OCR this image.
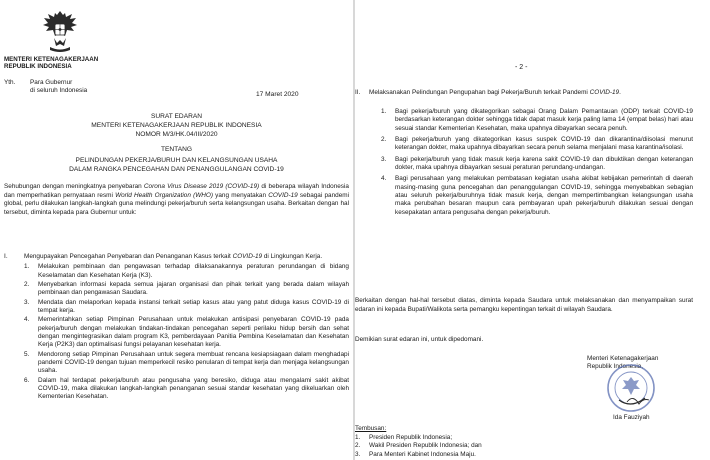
MENTERI KETENAGAKERJAAN
REPUBLIK INDONESIA
Yth. Para Gubernur
di seluruh Indonesia
17 Maret 2020
SURAT EDARAN
MENTERI KETENAGAKERJAAN REPUBLIK INDONESIA
NOMOR M/3/HK.04/III/2020
TENTANG
PELINDUNGAN PEKERJA/BURUH DAN KELANGSUNGAN USAHA
DALAM RANGKA PENCEGAHAN DAN PENANGGULANGAN COVID-19
Sehubungan dengan meningkatnya penyebaran Corona Virus Disease 2019 (COVID-19) di beberapa wilayah Indonesia dan memperhatikan pernyataan resmi World Health Organization (WHO) yang menyatakan COVID-19 sebagai pandemi global, perlu dilakukan langkah-langkah guna melindungi pekerja/buruh serta kelangsungan usaha. Berkaitan dengan hal tersebut, diminta kepada para Gubernur untuk:
I.	Mengupayakan Pencegahan Penyebaran dan Penanganan Kasus terkait COVID-19 di Lingkungan Kerja.
1. Melakukan pembinaan dan pengawasan terhadap dilaksanakannya peraturan perundangan di bidang Keselamatan dan Kesehatan Kerja (K3).
2. Menyebarkan informasi kepada semua jajaran organisasi dan pihak terkait yang berada dalam wilayah pembinaan dan pengawasan Saudara.
3. Mendata dan melaporkan kepada instansi terkait setiap kasus atau yang patut diduga kasus COVID-19 di tempat kerja.
4. Memerintahkan setiap Pimpinan Perusahaan untuk melakukan antisipasi penyebaran COVID-19 pada pekerja/buruh dengan melakukan tindakan-tindakan pencegahan seperti perilaku hidup bersih dan sehat dengan mengintegrasikan dalam program K3, pemberdayaan Panitia Pembina Keselamatan dan Kesehatan Kerja (P2K3) dan optimalisasi fungsi pelayanan kesehatan kerja.
5. Mendorong setiap Pimpinan Perusahaan untuk segera membuat rencana kesiapsiagaan dalam menghadapi pandemi COVID-19 dengan tujuan memperkecil resiko penularan di tempat kerja dan menjaga kelangsungan usaha.
6. Dalam hal terdapat pekerja/buruh atau pengusaha yang beresiko, diduga atau mengalami sakit akibat COVID-19, maka dilakukan langkah-langkah penanganan sesuai standar kesehatan yang dikeluarkan oleh Kementerian Kesehatan.
- 2 -
II. Melaksanakan Pelindungan Pengupahan bagi Pekerja/Buruh terkait Pandemi COVID-19.
1. Bagi pekerja/buruh yang dikategorikan sebagai Orang Dalam Pemantauan (ODP) terkait COVID-19 berdasarkan keterangan dokter sehingga tidak dapat masuk kerja paling lama 14 (empat belas) hari atau sesuai standar Kementerian Kesehatan, maka upahnya dibayarkan secara penuh.
2. Bagi pekerja/buruh yang dikategorikan kasus suspek COVID-19 dan dikarantina/diisolasi menurut keterangan dokter, maka upahnya dibayarkan secara penuh selama menjalani masa karantina/isolasi.
3. Bagi pekerja/buruh yang tidak masuk kerja karena sakit COVID-19 dan dibuktikan dengan keterangan dokter, maka upahnya dibayarkan sesuai peraturan perundang-undangan.
4. Bagi perusahaan yang melakukan pembatasan kegiatan usaha akibat kebijakan pemerintah di daerah masing-masing guna pencegahan dan penanggulangan COVID-19, sehingga menyebabkan sebagian atau seluruh pekerja/buruhnya tidak masuk kerja, dengan mempertimbangkan kelangsungan usaha maka perubahan besaran maupun cara pembayaran upah pekerja/buruh dilakukan sesuai dengan kesepakatan antara pengusaha dengan pekerja/buruh.
Berkaitan dengan hal-hal tersebut diatas, diminta kepada Saudara untuk melaksanakan dan menyampaikan surat edaran ini kepada Bupati/Walikota serta pemangku kepentingan terkait di wilayah Saudara.
Demikian surat edaran ini, untuk dipedomani.
Menteri Ketenagakerjaan
Republik Indonesia,
Ida Fauziyah
Tembusan:
1. Presiden Republik Indonesia;
2. Wakil Presiden Republik Indonesia; dan
3. Para Menteri Kabinet Indonesia Maju.
